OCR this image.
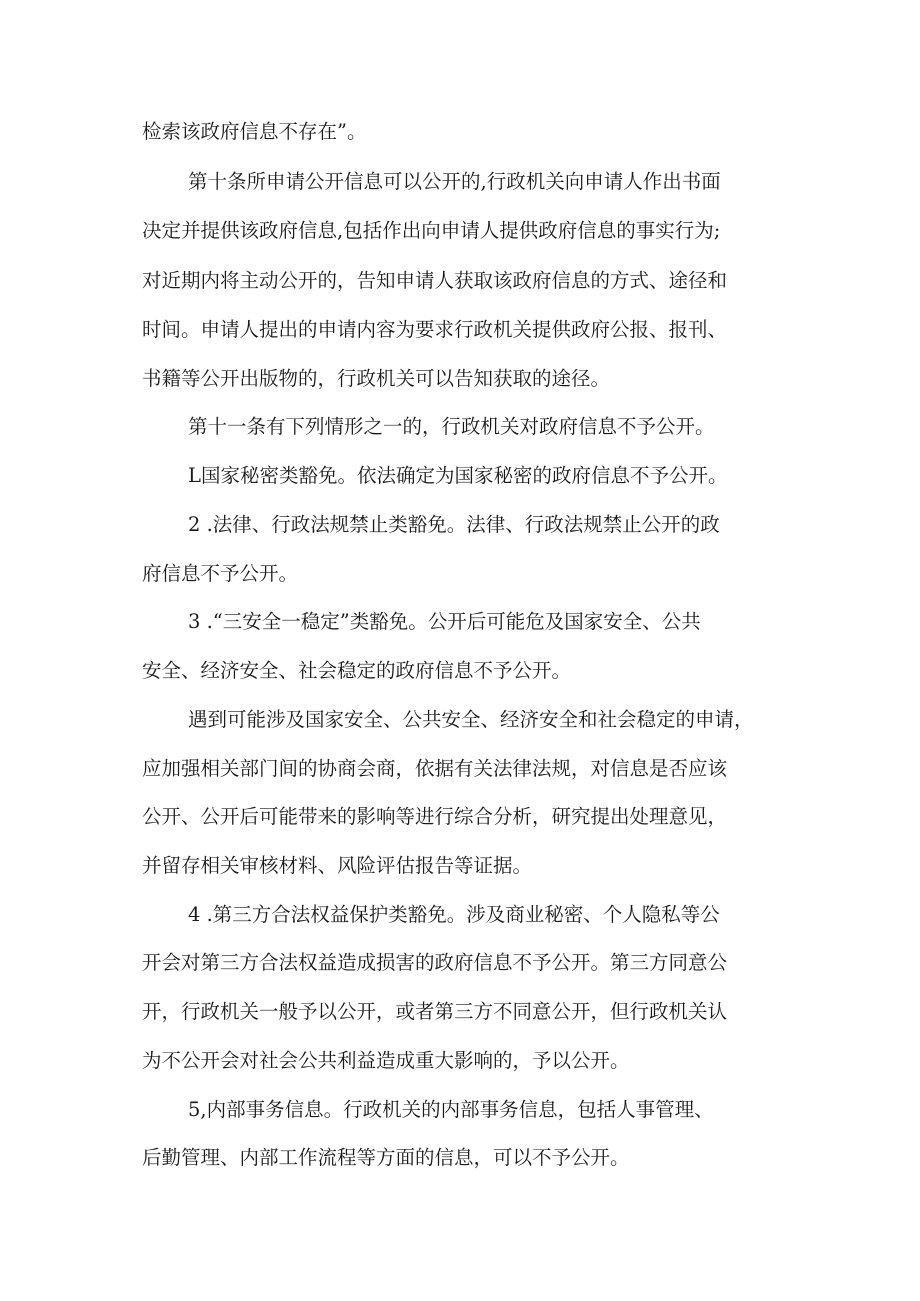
检索该政府信息不存在”。

第十条所申请公开信息可以公开的,行政机关向申请人作出书面

决定并提供该政府信息,包括作出向申请人提供政府信息的事实行为;

对近期内将主动公开的，告知申请人获取该政府信息的方式、途径和

时间。申请人提出的申请内容为要求行政机关提供政府公报、报刊、

书籍等公开出版物的，行政机关可以告知获取的途径。

第十一条有下列情形之一的，行政机关对政府信息不予公开。

L国家秘密类豁免。依法确定为国家秘密的政府信息不予公开。

2 .法律、行政法规禁止类豁免。法律、行政法规禁止公开的政

府信息不予公开。

3 .“三安全一稳定”类豁免。公开后可能危及国家安全、公共

安全、经济安全、社会稳定的政府信息不予公开。

遇到可能涉及国家安全、公共安全、经济安全和社会稳定的申请，

应加强相关部门间的协商会商，依据有关法律法规，对信息是否应该

公开、公开后可能带来的影响等进行综合分析，研究提出处理意见，

并留存相关审核材料、风险评估报告等证据。

4 .第三方合法权益保护类豁免。涉及商业秘密、个人隐私等公

开会对第三方合法权益造成损害的政府信息不予公开。第三方同意公

开，行政机关一般予以公开，或者第三方不同意公开，但行政机关认

为不公开会对社会公共利益造成重大影响的，予以公开。

5,内部事务信息。行政机关的内部事务信息，包括人事管理、

后勤管理、内部工作流程等方面的信息，可以不予公开。
